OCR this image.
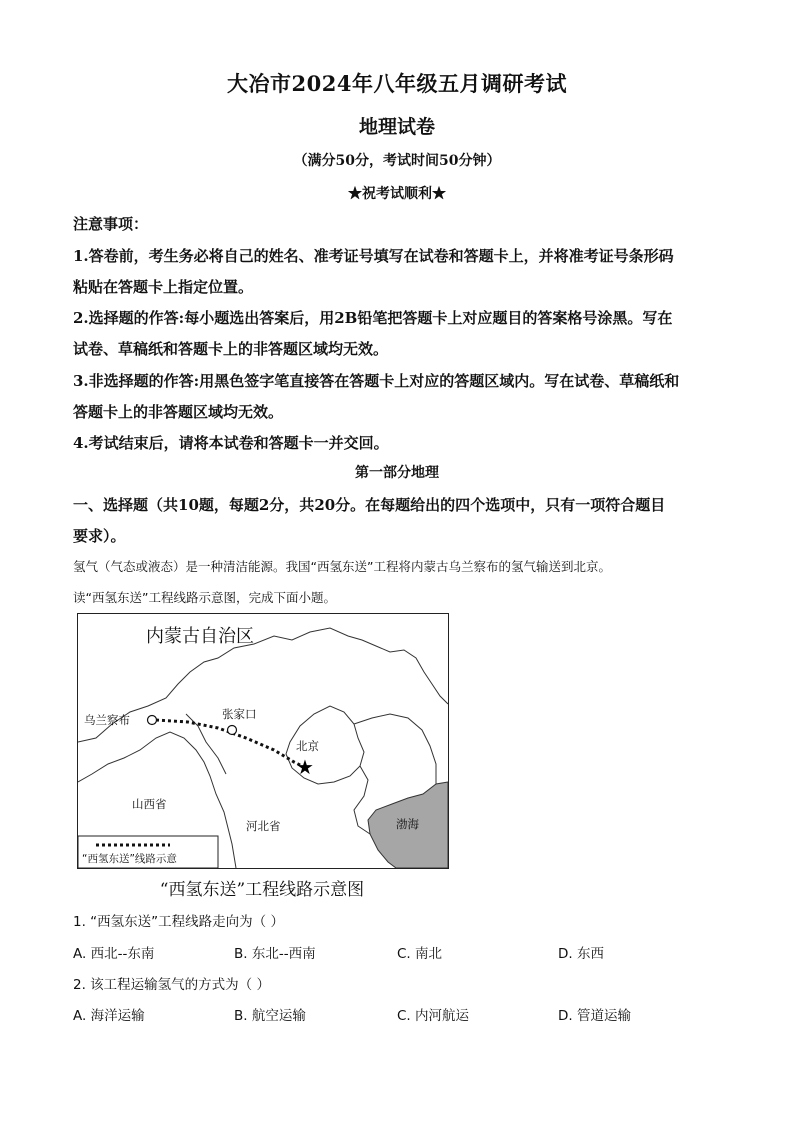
大冶市2024年八年级五月调研考试
地理试卷
（满分50分，考试时间50分钟）
★祝考试顺利★
注意事项：
1.答卷前，考生务必将自己的姓名、准考证号填写在试卷和答题卡上，并将准考证号条形码
粘贴在答题卡上指定位置。
2.选择题的作答:每小题选出答案后，用2B铅笔把答题卡上对应题目的答案格号涂黑。写在
试卷、草稿纸和答题卡上的非答题区域均无效。
3.非选择题的作答:用黑色签字笔直接答在答题卡上对应的答题区域内。写在试卷、草稿纸和
答题卡上的非答题区域均无效。
4.考试结束后，请将本试卷和答题卡一并交回。
第一部分地理
一、选择题（共10题，每题2分，共20分。在每题给出的四个选项中，只有一项符合题目
要求）。
氢气（气态或液态）是一种清洁能源。我国“西氢东送”工程将内蒙古乌兰察布的氢气输送到北京。
读“西氢东送”工程线路示意图，完成下面小题。
★
内蒙古自治区
乌兰察布	张家口
北京
山西省
河北省	渤海
“西氢东送”线路示意
“西氢东送”工程线路示意图
1. “西氢东送”工程线路走向为（ ）
A. 西北--东南	B. 东北--西南	C. 南北	D. 东西
2. 该工程运输氢气的方式为（ ）
A. 海洋运输	B. 航空运输	C. 内河航运	D. 管道运输
